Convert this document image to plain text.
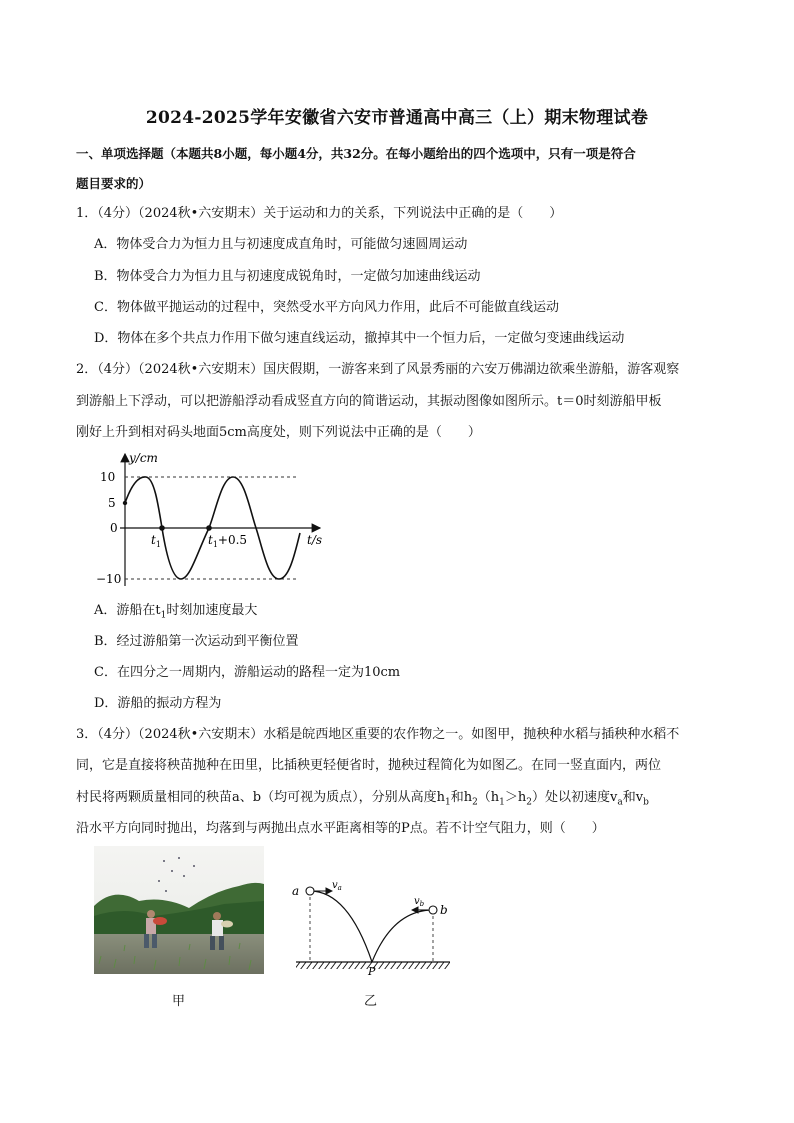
2024-2025学年安徽省六安市普通高中高三（上）期末物理试卷
一、单项选择题（本题共8小题，每小题4分，共32分。在每小题给出的四个选项中，只有一项是符合
题目要求的）
1．（4分）（2024秋•六安期末）关于运动和力的关系，下列说法中正确的是（　　）
A．物体受合力为恒力且与初速度成直角时，可能做匀速圆周运动
B．物体受合力为恒力且与初速度成锐角时，一定做匀加速曲线运动
C．物体做平抛运动的过程中，突然受水平方向风力作用，此后不可能做直线运动
D．物体在多个共点力作用下做匀速直线运动，撤掉其中一个恒力后，一定做匀变速曲线运动
2．（4分）（2024秋•六安期末）国庆假期，一游客来到了风景秀丽的六安万佛湖边欲乘坐游船，游客观察
到游船上下浮动，可以把游船浮动看成竖直方向的简谐运动，其振动图像如图所示。t＝0时刻游船甲板
刚好上升到相对码头地面5cm高度处，则下列说法中正确的是（　　）
y/cm
t/s
10
5
0
−10
$t_1$	$t_1+0.5$
A．游船在$t_1$时刻加速度最大
B．经过游船第一次运动到平衡位置
C．在四分之一周期内，游船运动的路程一定为10cm
D．游船的振动方程为
3．（4分）（2024秋•六安期末）水稻是皖西地区重要的农作物之一。如图甲，抛秧种水稻与插秧种水稻不
同，它是直接将秧苗抛种在田里，比插秧更轻便省时，抛秧过程简化为如图乙。在同一竖直面内，两位
村民将两颗质量相同的秧苗a、b（均可视为质点），分别从高度$h_1$和$h_2(h_1>h_2)$处以初速度$v_a$和$v_b$
沿水平方向同时抛出，均落到与两抛出点水平距离相等的P点。若不计空气阻力，则（　　）
甲
a
b
$v_a$
$v_b$
P
乙
